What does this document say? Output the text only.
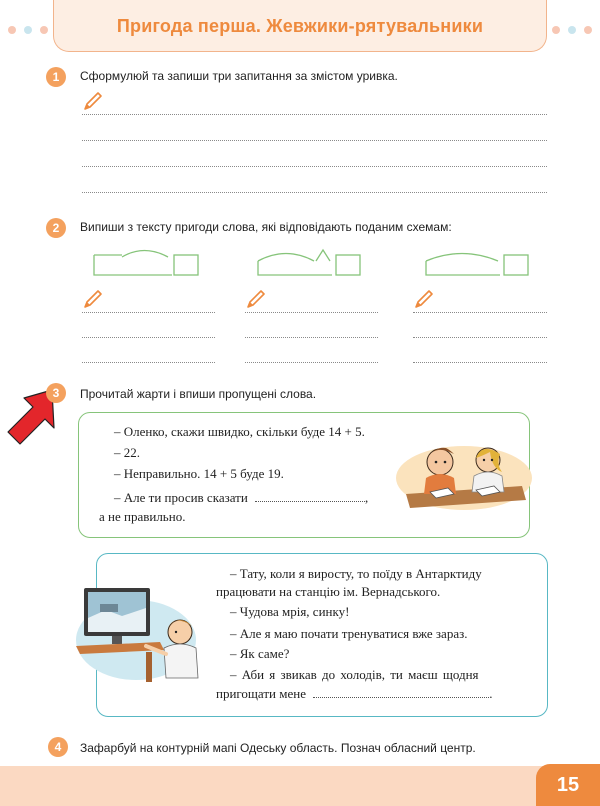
Пригода перша. Жевжики-рятувальники
1	Сформулюй та запиши три запитання за змістом уривка.
2	Випиши з тексту пригоди слова, які відповідають поданим схемам:
3	Прочитай жарти і впиши пропущені слова.
– Оленко, скажи швидко, скільки буде 14 + 5.
– 22.
– Неправильно. 14 + 5 буде 19.
– Але ти просив сказати	,
а не правильно.
– Тату, коли я виросту, то поїду в Антарктиду
працювати на станцію ім. Вернадського.
– Чудова мрія, синку!
– Але я маю почати тренуватися вже зараз.
– Як саме?
– Аби я звикав до холодів, ти маєш щодня
пригощати мене	.
4	Зафарбуй на контурній мапі Одеську область. Познач обласний центр.
15
